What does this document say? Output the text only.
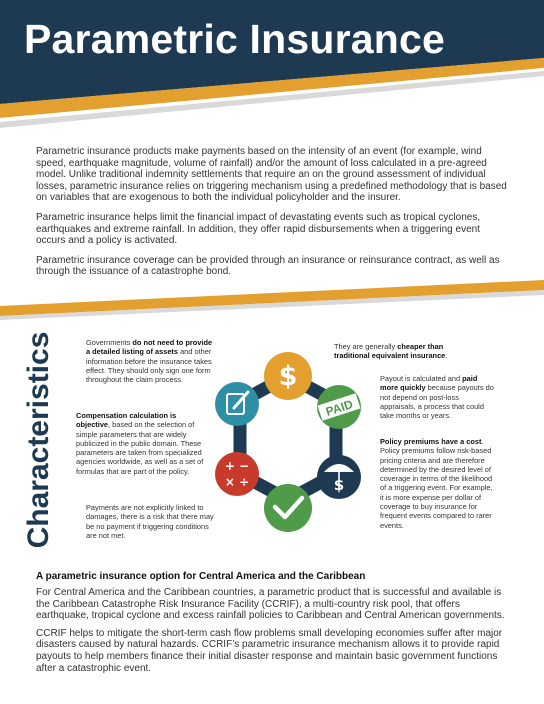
Parametric Insurance

Parametric insurance products make payments based on the intensity of an event (for example, wind speed, earthquake magnitude, volume of rainfall) and/or the amount of loss calculated in a pre-agreed model. Unlike traditional indemnity settlements that require an on the ground assessment of individual losses, parametric insurance relies on triggering mechanism using a predefined methodology that is based on variables that are exogenous to both the individual policyholder and the insurer.

Parametric insurance helps limit the financial impact of devastating events such as tropical cyclones, earthquakes and extreme rainfall. In addition, they offer rapid disbursements when a triggering event occurs and a policy is activated.

Parametric insurance coverage can be provided through an insurance or reinsurance contract, as well as through the issuance of a catastrophe bond.

Characteristics	Governments do not need to provide a detailed listing of assets and other information before the insurance takes effect. They should only sign one form throughout the claim process.
Compensation calculation is objective, based on the selection of simple parameters that are widely publicized in the public domain. These parameters are taken from specialized agencies worldwide, as well as a set of formulas that are part of the policy.
Payments are not explicitly linked to damages, there is a risk that there may be no payment if triggering conditions are not met.
They are generally cheaper than traditional equivalent insurance.
Payout is calculated and paid more quickly because payouts do not depend on post-loss appraisals, a process that could take months or years.
Policy premiums have a cost. Policy premiums follow risk-based pricing criteria and are therefore determined by the desired level of coverage in terms of the likelihood of a triggering event. For example, it is more expense per dollar of coverage to buy insurance for frequent events compared to rarer events.
$
PAID
$
+ −
× ÷
A parametric insurance option for Central America and the Caribbean

For Central America and the Caribbean countries, a parametric product that is successful and available is the Caribbean Catastrophe Risk Insurance Facility (CCRIF), a multi-country risk pool, that offers earthquake, tropical cyclone and excess rainfall policies to Caribbean and Central American governments.

CCRIF helps to mitigate the short-term cash flow problems small developing economies suffer after major disasters caused by natural hazards. CCRIF’s parametric insurance mechanism allows it to provide rapid payouts to help members finance their initial disaster response and maintain basic government functions after a catastrophic event.
